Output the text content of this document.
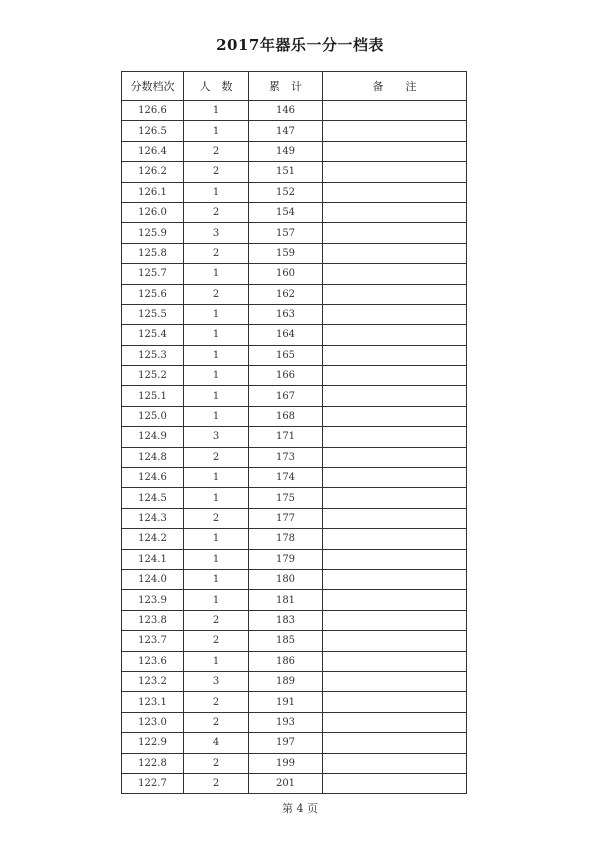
2017年器乐一分一档表
分数档次	人　数	累　计	备　　注
126.6	1	146	
126.5	1	147	
126.4	2	149	
126.2	2	151	
126.1	1	152	
126.0	2	154	
125.9	3	157	
125.8	2	159	
125.7	1	160	
125.6	2	162	
125.5	1	163	
125.4	1	164	
125.3	1	165	
125.2	1	166	
125.1	1	167	
125.0	1	168	
124.9	3	171	
124.8	2	173	
124.6	1	174	
124.5	1	175	
124.3	2	177	
124.2	1	178	
124.1	1	179	
124.0	1	180	
123.9	1	181	
123.8	2	183	
123.7	2	185	
123.6	1	186	
123.2	3	189	
123.1	2	191	
123.0	2	193	
122.9	4	197	
122.8	2	199	
122.7	2	201	
第 4 页
